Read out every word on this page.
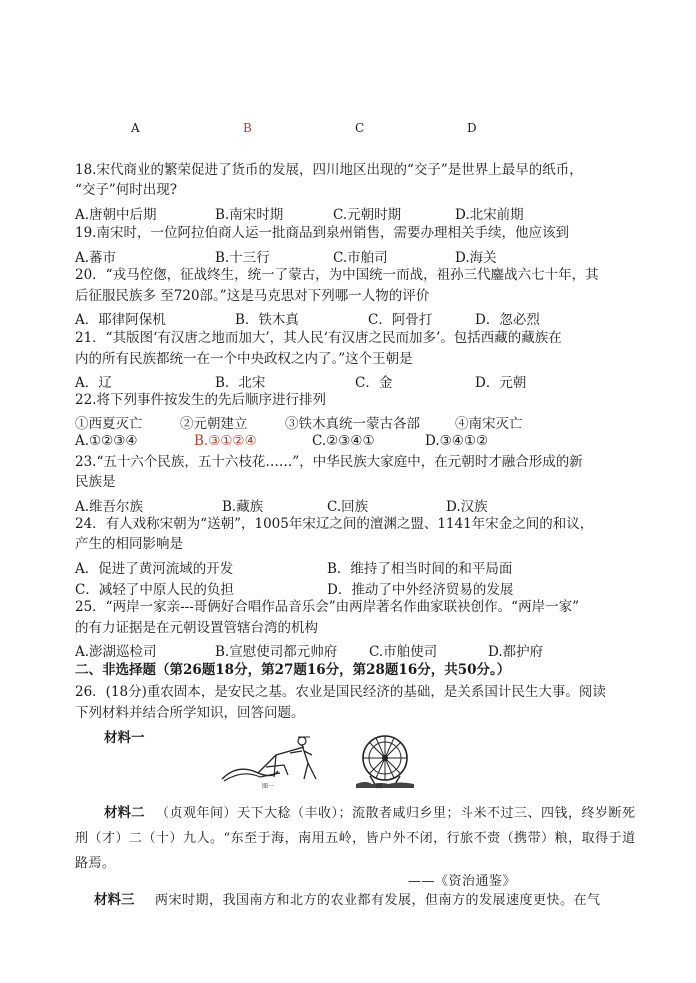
A	B	C	D
18.宋代商业的繁荣促进了货币的发展，四川地区出现的“交子”是世界上最早的纸币，
“交子”何时出现?
A.唐朝中后期	B.南宋时期	C.元朝时期	D.北宋前期
19.南宋时，一位阿拉伯商人运一批商品到泉州销售，需要办理相关手续，他应该到
A.蕃市	B.十三行	C.市舶司	D.海关
20．“戎马倥偬，征战终生，统一了蒙古，为中国统一而战，祖孙三代鏖战六七十年，其
后征服民族多 至720部。”这是马克思对下列哪一人物的评价
A．耶律阿保机	B．铁木真	C．阿骨打	D．忽必烈
21．“其版图‘有汉唐之地而加大’，其人民‘有汉唐之民而加多’。包括西藏的藏族在
内的所有民族都统一在一个中央政权之内了。”这个王朝是
A．辽	B．北宋	C．金	D．元朝
22.将下列事件按发生的先后顺序进行排列
①西夏灭亡	②元朝建立	③铁木真统一蒙古各部	④南宋灭亡
A.①②③④	B.③①②④	C.②③④①	D.③④①②
23.“五十六个民族，五十六枝花……”，中华民族大家庭中，在元朝时才融合形成的新
民族是
A.维吾尔族	B.藏族	C.回族	D.汉族
24．有人戏称宋朝为“送朝”，1005年宋辽之间的澶渊之盟、1141年宋金之间的和议，
产生的相同影响是
A．促进了黄河流域的开发	B．维持了相当时间的和平局面
C．减轻了中原人民的负担	D．推动了中外经济贸易的发展
25．“两岸一家亲---哥俩好合唱作品音乐会”由两岸著名作曲家联袂创作。“两岸一家”
的有力证据是在元朝设置管辖台湾的机构
A.澎湖巡检司	B.宣慰使司都元帅府 C.市舶使司	D.都护府
二、非选择题（第26题18分，第27题16分，第28题16分，共50分。）
26．(18分)重农固本，是安民之基。农业是国民经济的基础，是关系国计民生大事。阅读
下列材料并结合所学知识，回答问题。
材料一
图一	图二
材料二 （贞观年间）天下大稔（丰收）；流散者咸归乡里；斗米不过三、四钱，终岁断死
刑（才）二（十）九人。“东至于海，南用五岭，皆户外不闭，行旅不赍（携带）粮，取得于道
路焉。
——《资治通鉴》
材料三 两宋时期，我国南方和北方的农业都有发展，但南方的发展速度更快。在气
